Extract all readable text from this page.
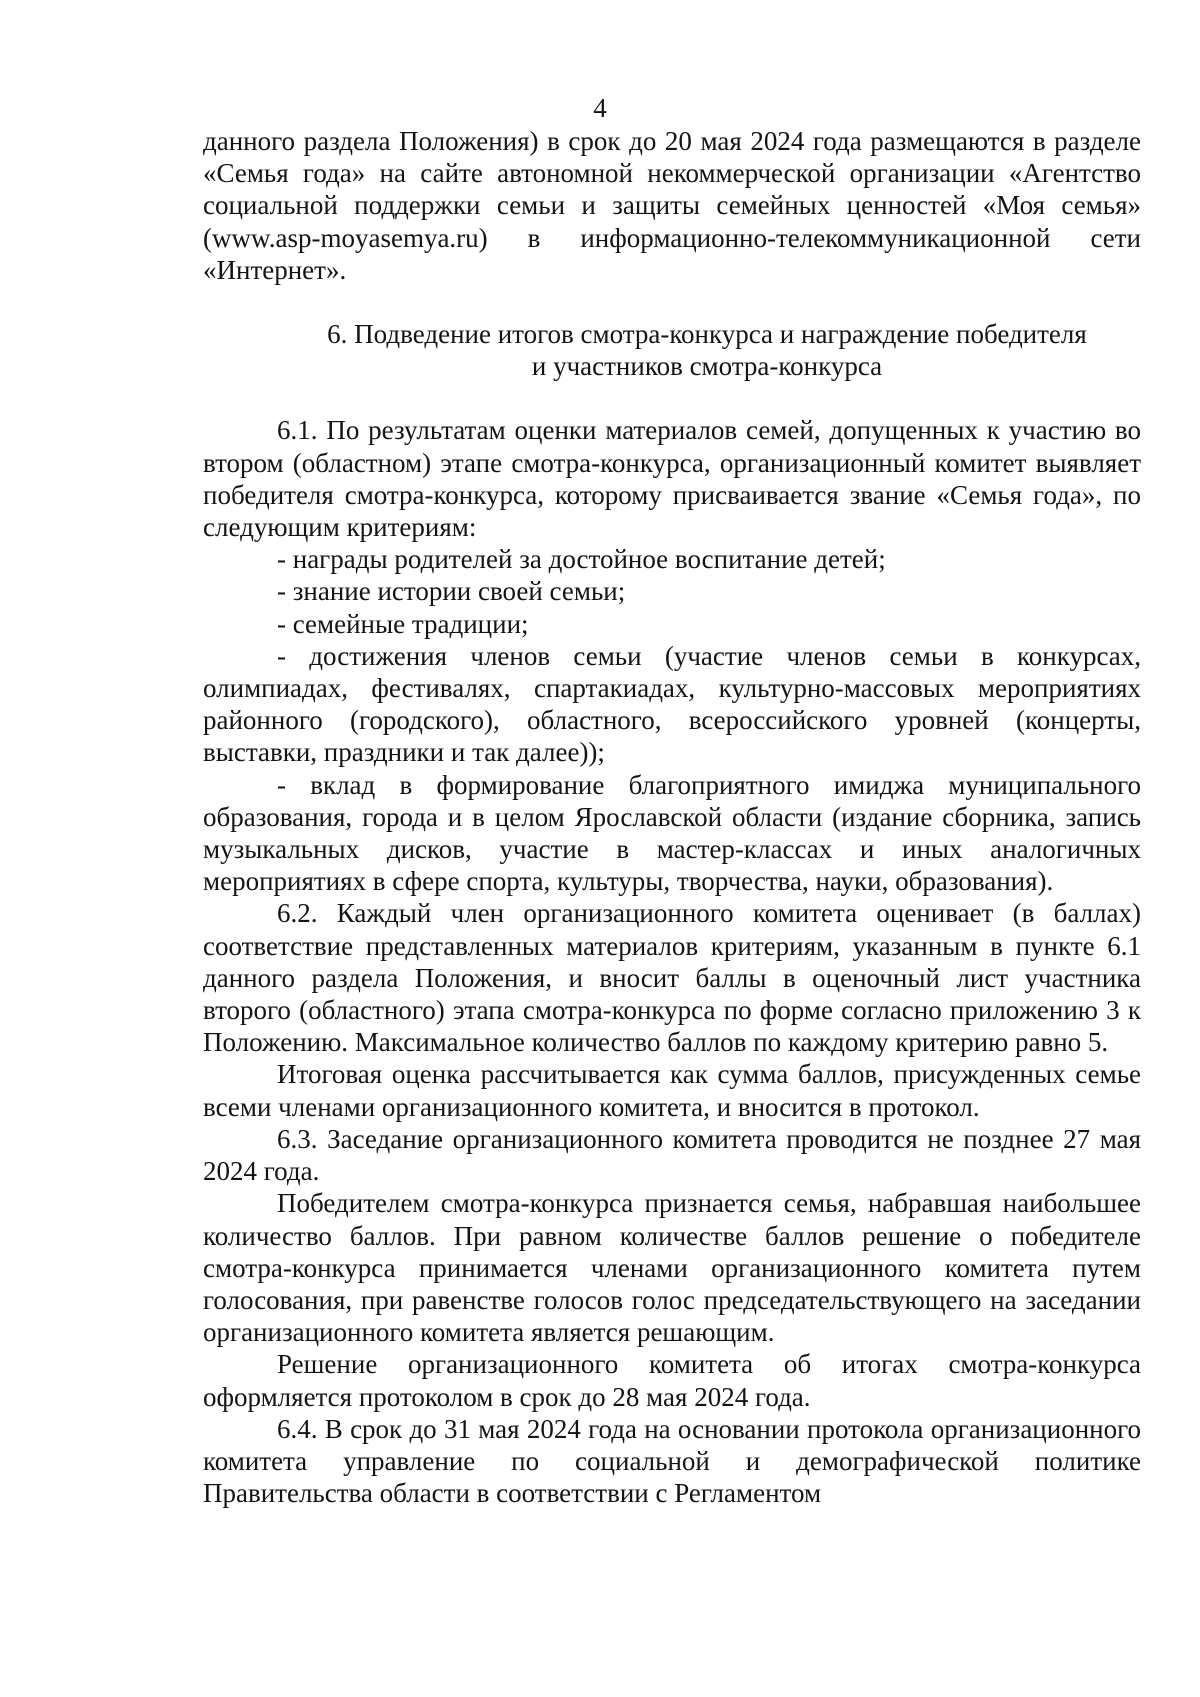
4

данного раздела Положения) в срок до 20 мая 2024 года размещаются в разделе «Семья года» на сайте автономной некоммерческой организации «Агентство социальной поддержки семьи и защиты семейных ценностей «Моя семья» (www.asp-moyasemya.ru) в информационно-телекоммуникационной сети «Интернет».

6. Подведение итогов смотра-конкурса и награждение победителя

и участников смотра-конкурса

6.1. По результатам оценки материалов семей, допущенных к участию во втором (областном) этапе смотра-конкурса, организационный комитет выявляет победителя смотра-конкурса, которому присваивается звание «Семья года», по следующим критериям:

- награды родителей за достойное воспитание детей;

- знание истории своей семьи;

- семейные традиции;

- достижения членов семьи (участие членов семьи в конкурсах, олимпиадах, фестивалях, спартакиадах, культурно-массовых мероприятиях районного (городского), областного, всероссийского уровней (концерты, выставки, праздники и так далее));

- вклад в формирование благоприятного имиджа муниципального образования, города и в целом Ярославской области (издание сборника, запись музыкальных дисков, участие в мастер-классах и иных аналогичных мероприятиях в сфере спорта, культуры, творчества, науки, образования).

6.2. Каждый член организационного комитета оценивает (в баллах) соответствие представленных материалов критериям, указанным в пункте 6.1 данного раздела Положения, и вносит баллы в оценочный лист участника второго (областного) этапа смотра-конкурса по форме согласно приложению 3 к Положению. Максимальное количество баллов по каждому критерию равно 5.

Итоговая оценка рассчитывается как сумма баллов, присужденных семье всеми членами организационного комитета, и вносится в протокол.

6.3. Заседание организационного комитета проводится не позднее 27 мая 2024 года.

Победителем смотра-конкурса признается семья, набравшая наибольшее количество баллов. При равном количестве баллов решение о победителе смотра-конкурса принимается членами организационного комитета путем голосования, при равенстве голосов голос председательствующего на заседании организационного комитета является решающим.

Решение организационного комитета об итогах смотра-конкурса оформляется протоколом в срок до 28 мая 2024 года.

6.4. В срок до 31 мая 2024 года на основании протокола организационного комитета управление по социальной и демографической политике Правительства области в соответствии с Регламентом
